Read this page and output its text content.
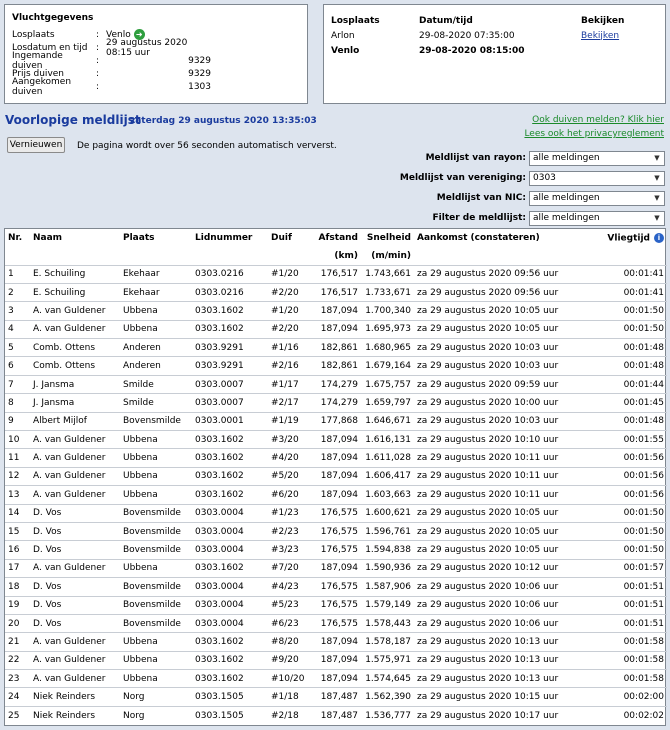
Vluchtgegevens
Losplaats	: Venlo ➜
Losdatum en tijd : 29 augustus 2020 08:15 uur
Ingemande duiven	:	9329
Prijs duiven	:	9329
Aangekomen duiven	:	1303
Losplaats	Datum/tijd	Bekijken
Arlon	29-08-2020 07:35:00	Bekijken
Venlo	29-08-2020 08:15:00
Voorlopige meldlijst
zaterdag 29 augustus 2020 13:35:03	Ook duiven melden? Klik hier
Lees ook het privacyreglement
Vernieuwen	De pagina wordt over 56 seconden automatisch ververst.
Meldlijst van rayon: alle meldingen	▼
Meldlijst van vereniging: 0303	▼
Meldlijst van NIC: alle meldingen	▼
Filter de meldlijst: alle meldingen	▼
Nr.	Naam	Plaats	Lidnummer	Duif	Afstand	Snelheid	Aankomst (constateren)	Vliegtijd i
					(km)	(m/min)		
1	E. Schuiling	Ekehaar	0303.0216	#1/20	176,517	1.743,661	za 29 augustus 2020 09:56 uur	00:01:41
2	E. Schuiling	Ekehaar	0303.0216	#2/20	176,517	1.733,671	za 29 augustus 2020 09:56 uur	00:01:41
3	A. van Guldener	Ubbena	0303.1602	#1/20	187,094	1.700,340	za 29 augustus 2020 10:05 uur	00:01:50
4	A. van Guldener	Ubbena	0303.1602	#2/20	187,094	1.695,973	za 29 augustus 2020 10:05 uur	00:01:50
5	Comb. Ottens	Anderen	0303.9291	#1/16	182,861	1.680,965	za 29 augustus 2020 10:03 uur	00:01:48
6	Comb. Ottens	Anderen	0303.9291	#2/16	182,861	1.679,164	za 29 augustus 2020 10:03 uur	00:01:48
7	J. Jansma	Smilde	0303.0007	#1/17	174,279	1.675,757	za 29 augustus 2020 09:59 uur	00:01:44
8	J. Jansma	Smilde	0303.0007	#2/17	174,279	1.659,797	za 29 augustus 2020 10:00 uur	00:01:45
9	Albert Mijlof	Bovensmilde	0303.0001	#1/19	177,868	1.646,671	za 29 augustus 2020 10:03 uur	00:01:48
10	A. van Guldener	Ubbena	0303.1602	#3/20	187,094	1.616,131	za 29 augustus 2020 10:10 uur	00:01:55
11	A. van Guldener	Ubbena	0303.1602	#4/20	187,094	1.611,028	za 29 augustus 2020 10:11 uur	00:01:56
12	A. van Guldener	Ubbena	0303.1602	#5/20	187,094	1.606,417	za 29 augustus 2020 10:11 uur	00:01:56
13	A. van Guldener	Ubbena	0303.1602	#6/20	187,094	1.603,663	za 29 augustus 2020 10:11 uur	00:01:56
14	D. Vos	Bovensmilde	0303.0004	#1/23	176,575	1.600,621	za 29 augustus 2020 10:05 uur	00:01:50
15	D. Vos	Bovensmilde	0303.0004	#2/23	176,575	1.596,761	za 29 augustus 2020 10:05 uur	00:01:50
16	D. Vos	Bovensmilde	0303.0004	#3/23	176,575	1.594,838	za 29 augustus 2020 10:05 uur	00:01:50
17	A. van Guldener	Ubbena	0303.1602	#7/20	187,094	1.590,936	za 29 augustus 2020 10:12 uur	00:01:57
18	D. Vos	Bovensmilde	0303.0004	#4/23	176,575	1.587,906	za 29 augustus 2020 10:06 uur	00:01:51
19	D. Vos	Bovensmilde	0303.0004	#5/23	176,575	1.579,149	za 29 augustus 2020 10:06 uur	00:01:51
20	D. Vos	Bovensmilde	0303.0004	#6/23	176,575	1.578,443	za 29 augustus 2020 10:06 uur	00:01:51
21	A. van Guldener	Ubbena	0303.1602	#8/20	187,094	1.578,187	za 29 augustus 2020 10:13 uur	00:01:58
22	A. van Guldener	Ubbena	0303.1602	#9/20	187,094	1.575,971	za 29 augustus 2020 10:13 uur	00:01:58
23	A. van Guldener	Ubbena	0303.1602	#10/20	187,094	1.574,645	za 29 augustus 2020 10:13 uur	00:01:58
24	Niek Reinders	Norg	0303.1505	#1/18	187,487	1.562,390	za 29 augustus 2020 10:15 uur	00:02:00
25	Niek Reinders	Norg	0303.1505	#2/18	187,487	1.536,777	za 29 augustus 2020 10:17 uur	00:02:02
